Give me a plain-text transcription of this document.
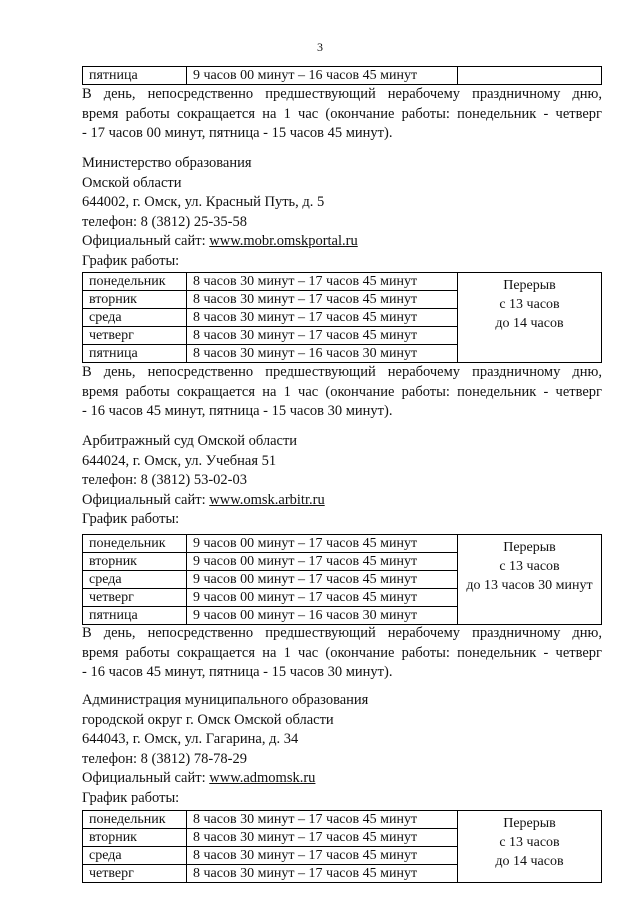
3
пятница	9 часов 00 минут – 16 часов 45 минут	

В день, непосредственно предшествующий нерабочему праздничному дню,

время работы сокращается на 1 час (окончание работы: понедельник - четверг

- 17 часов 00 минут, пятница - 15 часов 45 минут).

Министерство образования
Омской области
644002, г. Омск, ул. Красный Путь, д. 5
телефон: 8 (3812) 25-35-58
Официальный сайт: www.mobr.omskportal.ru
График работы:
понедельник	8 часов 30 минут – 17 часов 45 минут	Перерыв
с 13 часов
до 14 часов

вторник	8 часов 30 минут – 17 часов 45 минут	
среда	8 часов 30 минут – 17 часов 45 минут	
четверг	8 часов 30 минут – 17 часов 45 минут	
пятница	8 часов 30 минут – 16 часов 30 минут	

В день, непосредственно предшествующий нерабочему праздничному дню,

время работы сокращается на 1 час (окончание работы: понедельник - четверг

- 16 часов 45 минут, пятница - 15 часов 30 минут).

Арбитражный суд Омской области
644024, г. Омск, ул. Учебная 51
телефон: 8 (3812) 53-02-03
Официальный сайт: www.omsk.arbitr.ru
График работы:
понедельник	9 часов 00 минут – 17 часов 45 минут	Перерыв
с 13 часов
до 13 часов 30 минут

вторник	9 часов 00 минут – 17 часов 45 минут	
среда	9 часов 00 минут – 17 часов 45 минут	
четверг	9 часов 00 минут – 17 часов 45 минут	
пятница	9 часов 00 минут – 16 часов 30 минут	

В день, непосредственно предшествующий нерабочему праздничному дню,

время работы сокращается на 1 час (окончание работы: понедельник - четверг

- 16 часов 45 минут, пятница - 15 часов 30 минут).

Администрация муниципального образования
городской округ г. Омск Омской области
644043, г. Омск, ул. Гагарина, д. 34
телефон: 8 (3812) 78-78-29
Официальный сайт: www.admomsk.ru
График работы:
понедельник	8 часов 30 минут – 17 часов 45 минут	Перерыв
с 13 часов
до 14 часов

вторник	8 часов 30 минут – 17 часов 45 минут	
среда	8 часов 30 минут – 17 часов 45 минут	
четверг	8 часов 30 минут – 17 часов 45 минут	
